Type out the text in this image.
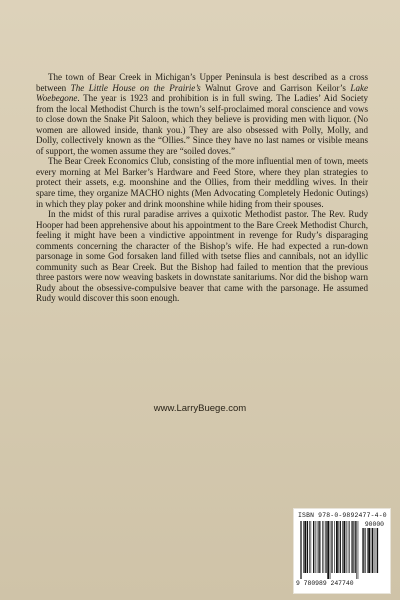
The town of Bear Creek in Michigan’s Upper Peninsula is best described as a cross between The Little House on the Prairie’s Walnut Grove and Garrison Keilor’s Lake Woebegone. The year is 1923 and prohibition is in full swing. The Ladies’ Aid Society from the local Methodist Church is the town’s self-proclaimed moral conscience and vows to close down the Snake Pit Saloon, which they believe is providing men with liquor. (No women are allowed inside, thank you.) They are also obsessed with Polly, Molly, and Dolly, collectively known as the “Ollies.” Since they have no last names or visible means of support, the women assume they are “soiled doves.”

The Bear Creek Economics Club, consisting of the more influential men of town, meets every morning at Mel Barker’s Hardware and Feed Store, where they plan strategies to protect their assets, e.g. moonshine and the Ollies, from their meddling wives. In their spare time, they organize MACHO nights (Men Advocating Completely Hedonic Outings) in which they play poker and drink moonshine while hiding from their spouses.

In the midst of this rural paradise arrives a quixotic Methodist pastor. The Rev. Rudy Hooper had been apprehensive about his appointment to the Bare Creek Methodist Church, feeling it might have been a vindictive appointment in revenge for Rudy’s disparaging comments concerning the character of the Bishop’s wife. He had expected a run-down parsonage in some God forsaken land filled with tsetse flies and cannibals, not an idyllic community such as Bear Creek. But the Bishop had failed to mention that the previous three pastors were now weaving baskets in downstate sanitariums. Nor did the bishop warn Rudy about the obsessive-compulsive beaver that came with the parsonage. He assumed Rudy would discover this soon enough.

www.LarryBuege.com
ISBN 978-0-9892477-4-0
90000
9 780989 247740
